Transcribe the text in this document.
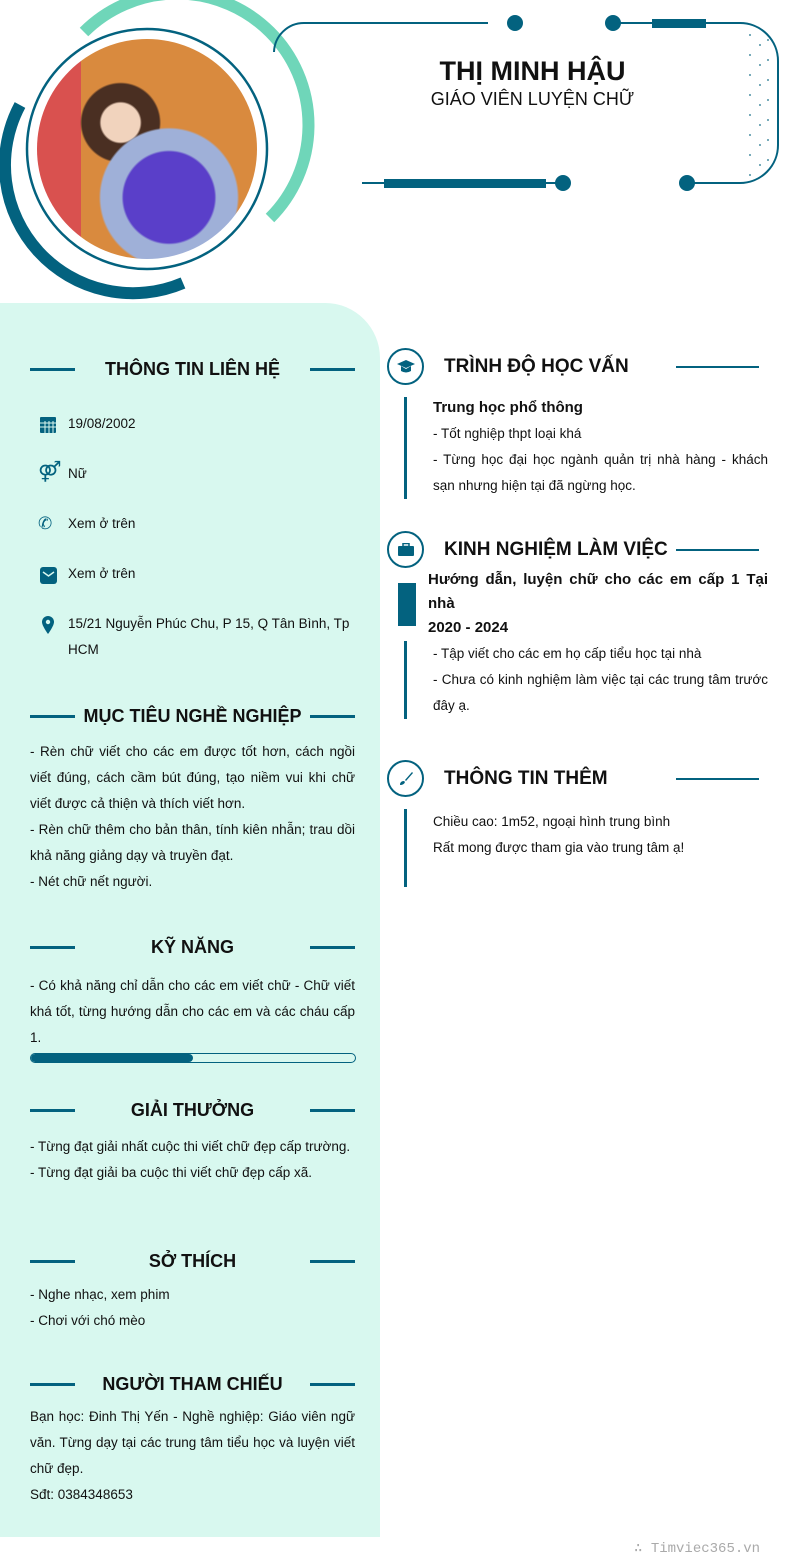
THỊ MINH HẬU
GIÁO VIÊN LUYỆN CHỮ
THÔNG TIN LIÊN HỆ
19/08/2002
⚤ Nữ
✆	Xem ở trên
Xem ở trên
15/21 Nguyễn Phúc Chu, P 15, Q Tân Bình, Tp HCM
MỤC TIÊU NGHỀ NGHIỆP
- Rèn chữ viết cho các em được tốt hơn, cách ngồi viết đúng, cách cầm bút đúng, tạo niềm vui khi chữ viết được cả thiện và thích viết hơn.
- Rèn chữ thêm cho bản thân, tính kiên nhẫn; trau dồi khả năng giảng dạy và truyền đạt.
- Nét chữ nết người.
KỸ NĂNG
- Có khả năng chỉ dẫn cho các em viết chữ - Chữ viết khá tốt, từng hướng dẫn cho các em và các cháu cấp 1.
GIẢI THƯỞNG
- Từng đạt giải nhất cuộc thi viết chữ đẹp cấp trường.
- Từng đạt giải ba cuộc thi viết chữ đẹp cấp xã.
SỞ THÍCH
- Nghe nhạc, xem phim
- Chơi với chó mèo
NGƯỜI THAM CHIẾU
Bạn học: Đinh Thị Yến - Nghề nghiệp: Giáo viên ngữ văn. Từng dạy tại các trung tâm tiểu học và luyện viết chữ đẹp.
Sđt: 0384348653
TRÌNH ĐỘ HỌC VẤN
Trung học phổ thông
- Tốt nghiệp thpt loại khá
- Từng học đại học ngành quản trị nhà hàng - khách sạn nhưng hiện tại đã ngừng học.
KINH NGHIỆM LÀM VIỆC
Hướng dẫn, luyện chữ cho các em cấp 1 Tại nhà
2020 - 2024
- Tập viết cho các em họ cấp tiểu học tại nhà
- Chưa có kinh nghiệm làm việc tại các trung tâm trước đây ạ.
THÔNG TIN THÊM
Chiều cao: 1m52, ngoại hình trung bình
Rất mong được tham gia vào trung tâm ạ!
∴ Timviec365.vn
